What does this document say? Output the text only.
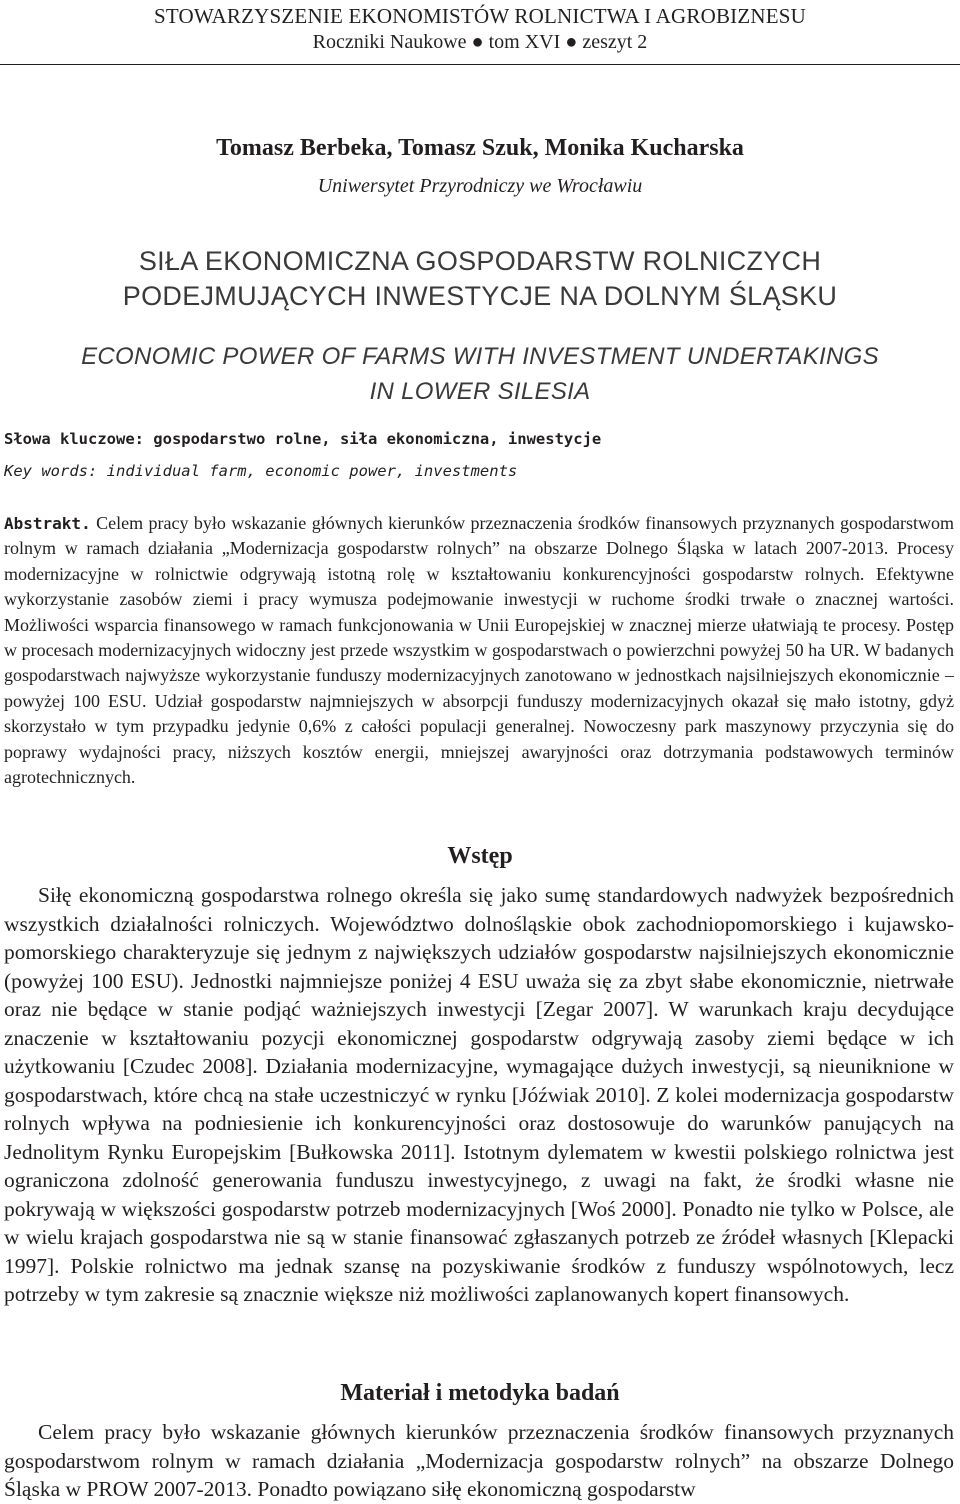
STOWARZYSZENIE EKONOMISTÓW ROLNICTWA I AGROBIZNESU
Roczniki Naukowe ● tom XVI ● zeszyt 2
Tomasz Berbeka, Tomasz Szuk, Monika Kucharska
Uniwersytet Przyrodniczy we Wrocławiu
SIŁA EKONOMICZNA GOSPODARSTW ROLNICZYCH
PODEJMUJĄCYCH INWESTYCJE NA DOLNYM ŚLĄSKU
ECONOMIC POWER OF FARMS WITH INVESTMENT UNDERTAKINGS
IN LOWER SILESIA
Słowa kluczowe: gospodarstwo rolne, siła ekonomiczna, inwestycje
Key words: individual farm, economic power, investments
Abstrakt. Celem pracy było wskazanie głównych kierunków przeznaczenia środków finansowych przyznanych gospodarstwom rolnym w ramach działania „Modernizacja gospodarstw rolnych” na obszarze Dolnego Śląska w latach 2007-2013. Procesy modernizacyjne w rolnictwie odgrywają istotną rolę w kształtowaniu konkurencyjności gospodarstw rolnych. Efektywne wykorzystanie zasobów ziemi i pracy wymusza podejmowanie inwestycji w ruchome środki trwałe o znacznej wartości. Możliwości wsparcia finansowego w ramach funkcjonowania w Unii Europejskiej w znacznej mierze ułatwiają te procesy. Postęp w procesach modernizacyjnych widoczny jest przede wszystkim w gospodarstwach o powierzchni powyżej 50 ha UR. W badanych gospodarstwach najwyższe wykorzystanie funduszy modernizacyjnych zanotowano w jednostkach najsilniejszych ekonomicznie – powyżej 100 ESU. Udział gospodarstw najmniejszych w absorpcji funduszy modernizacyjnych okazał się mało istotny, gdyż skorzystało w tym przypadku jedynie 0,6% z całości populacji generalnej. Nowoczesny park maszynowy przyczynia się do poprawy wydajności pracy, niższych kosztów energii, mniejszej awaryjności oraz dotrzymania podstawowych terminów agrotechnicznych.
Wstęp
Siłę ekonomiczną gospodarstwa rolnego określa się jako sumę standardowych nadwyżek bezpośrednich wszystkich działalności rolniczych. Województwo dolnośląskie obok zachodniopomorskiego i kujawsko-pomorskiego charakteryzuje się jednym z największych udziałów gospodarstw najsilniejszych ekonomicznie (powyżej 100 ESU). Jednostki najmniejsze poniżej 4 ESU uważa się za zbyt słabe ekonomicznie, nietrwałe oraz nie będące w stanie podjąć ważniejszych inwestycji [Zegar 2007]. W warunkach kraju decydujące znaczenie w kształtowaniu pozycji ekonomicznej gospodarstw odgrywają zasoby ziemi będące w ich użytkowaniu [Czudec 2008]. Działania modernizacyjne, wymagające dużych inwestycji, są nieuniknione w gospodarstwach, które chcą na stałe uczestniczyć w rynku [Jóźwiak 2010]. Z kolei modernizacja gospodarstw rolnych wpływa na podniesienie ich konkurencyjności oraz dostosowuje do warunków panujących na Jednolitym Rynku Europejskim [Bułkowska 2011]. Istotnym dylematem w kwestii polskiego rolnictwa jest ograniczona zdolność generowania funduszu inwestycyjnego, z uwagi na fakt, że środki własne nie pokrywają w większości gospodarstw potrzeb modernizacyjnych [Woś 2000]. Ponadto nie tylko w Polsce, ale w wielu krajach gospodarstwa nie są w stanie finansować zgłaszanych potrzeb ze źródeł własnych [Klepacki 1997]. Polskie rolnictwo ma jednak szansę na pozyskiwanie środków z funduszy wspólnotowych, lecz potrzeby w tym zakresie są znacznie większe niż możliwości zaplanowanych kopert finansowych.
Materiał i metodyka badań
Celem pracy było wskazanie głównych kierunków przeznaczenia środków finansowych przyznanych gospodarstwom rolnym w ramach działania „Modernizacja gospodarstw rolnych” na obszarze Dolnego Śląska w PROW 2007-2013. Ponadto powiązano siłę ekonomiczną gospodarstw
